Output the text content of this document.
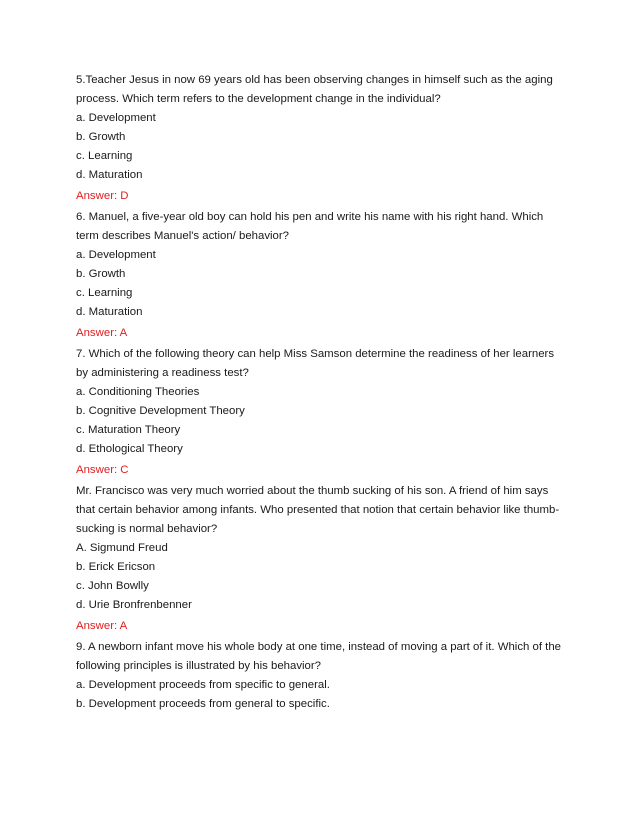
5.Teacher Jesus in now 69 years old has been observing changes in himself such as the aging process. Which term refers to the development change in the individual?

a. Development

b. Growth

c. Learning

d. Maturation

Answer: D

6. Manuel, a five-year old boy can hold his pen and write his name with his right hand. Which term describes Manuel's action/ behavior?

a. Development

b. Growth

c. Learning

d. Maturation

Answer: A

7. Which of the following theory can help Miss Samson determine the readiness of her learners by administering a readiness test?

a. Conditioning Theories

b. Cognitive Development Theory

c. Maturation Theory

d. Ethological Theory

Answer: C

Mr. Francisco was very much worried about the thumb sucking of his son. A friend of him says that certain behavior among infants. Who presented that notion that certain behavior like thumb-sucking is normal behavior?

A. Sigmund Freud

b. Erick Ericson

c. John Bowlly

d. Urie Bronfrenbenner

Answer: A

9. A newborn infant move his whole body at one time, instead of moving a part of it. Which of the following principles is illustrated by his behavior?

a. Development proceeds from specific to general.

b. Development proceeds from general to specific.
